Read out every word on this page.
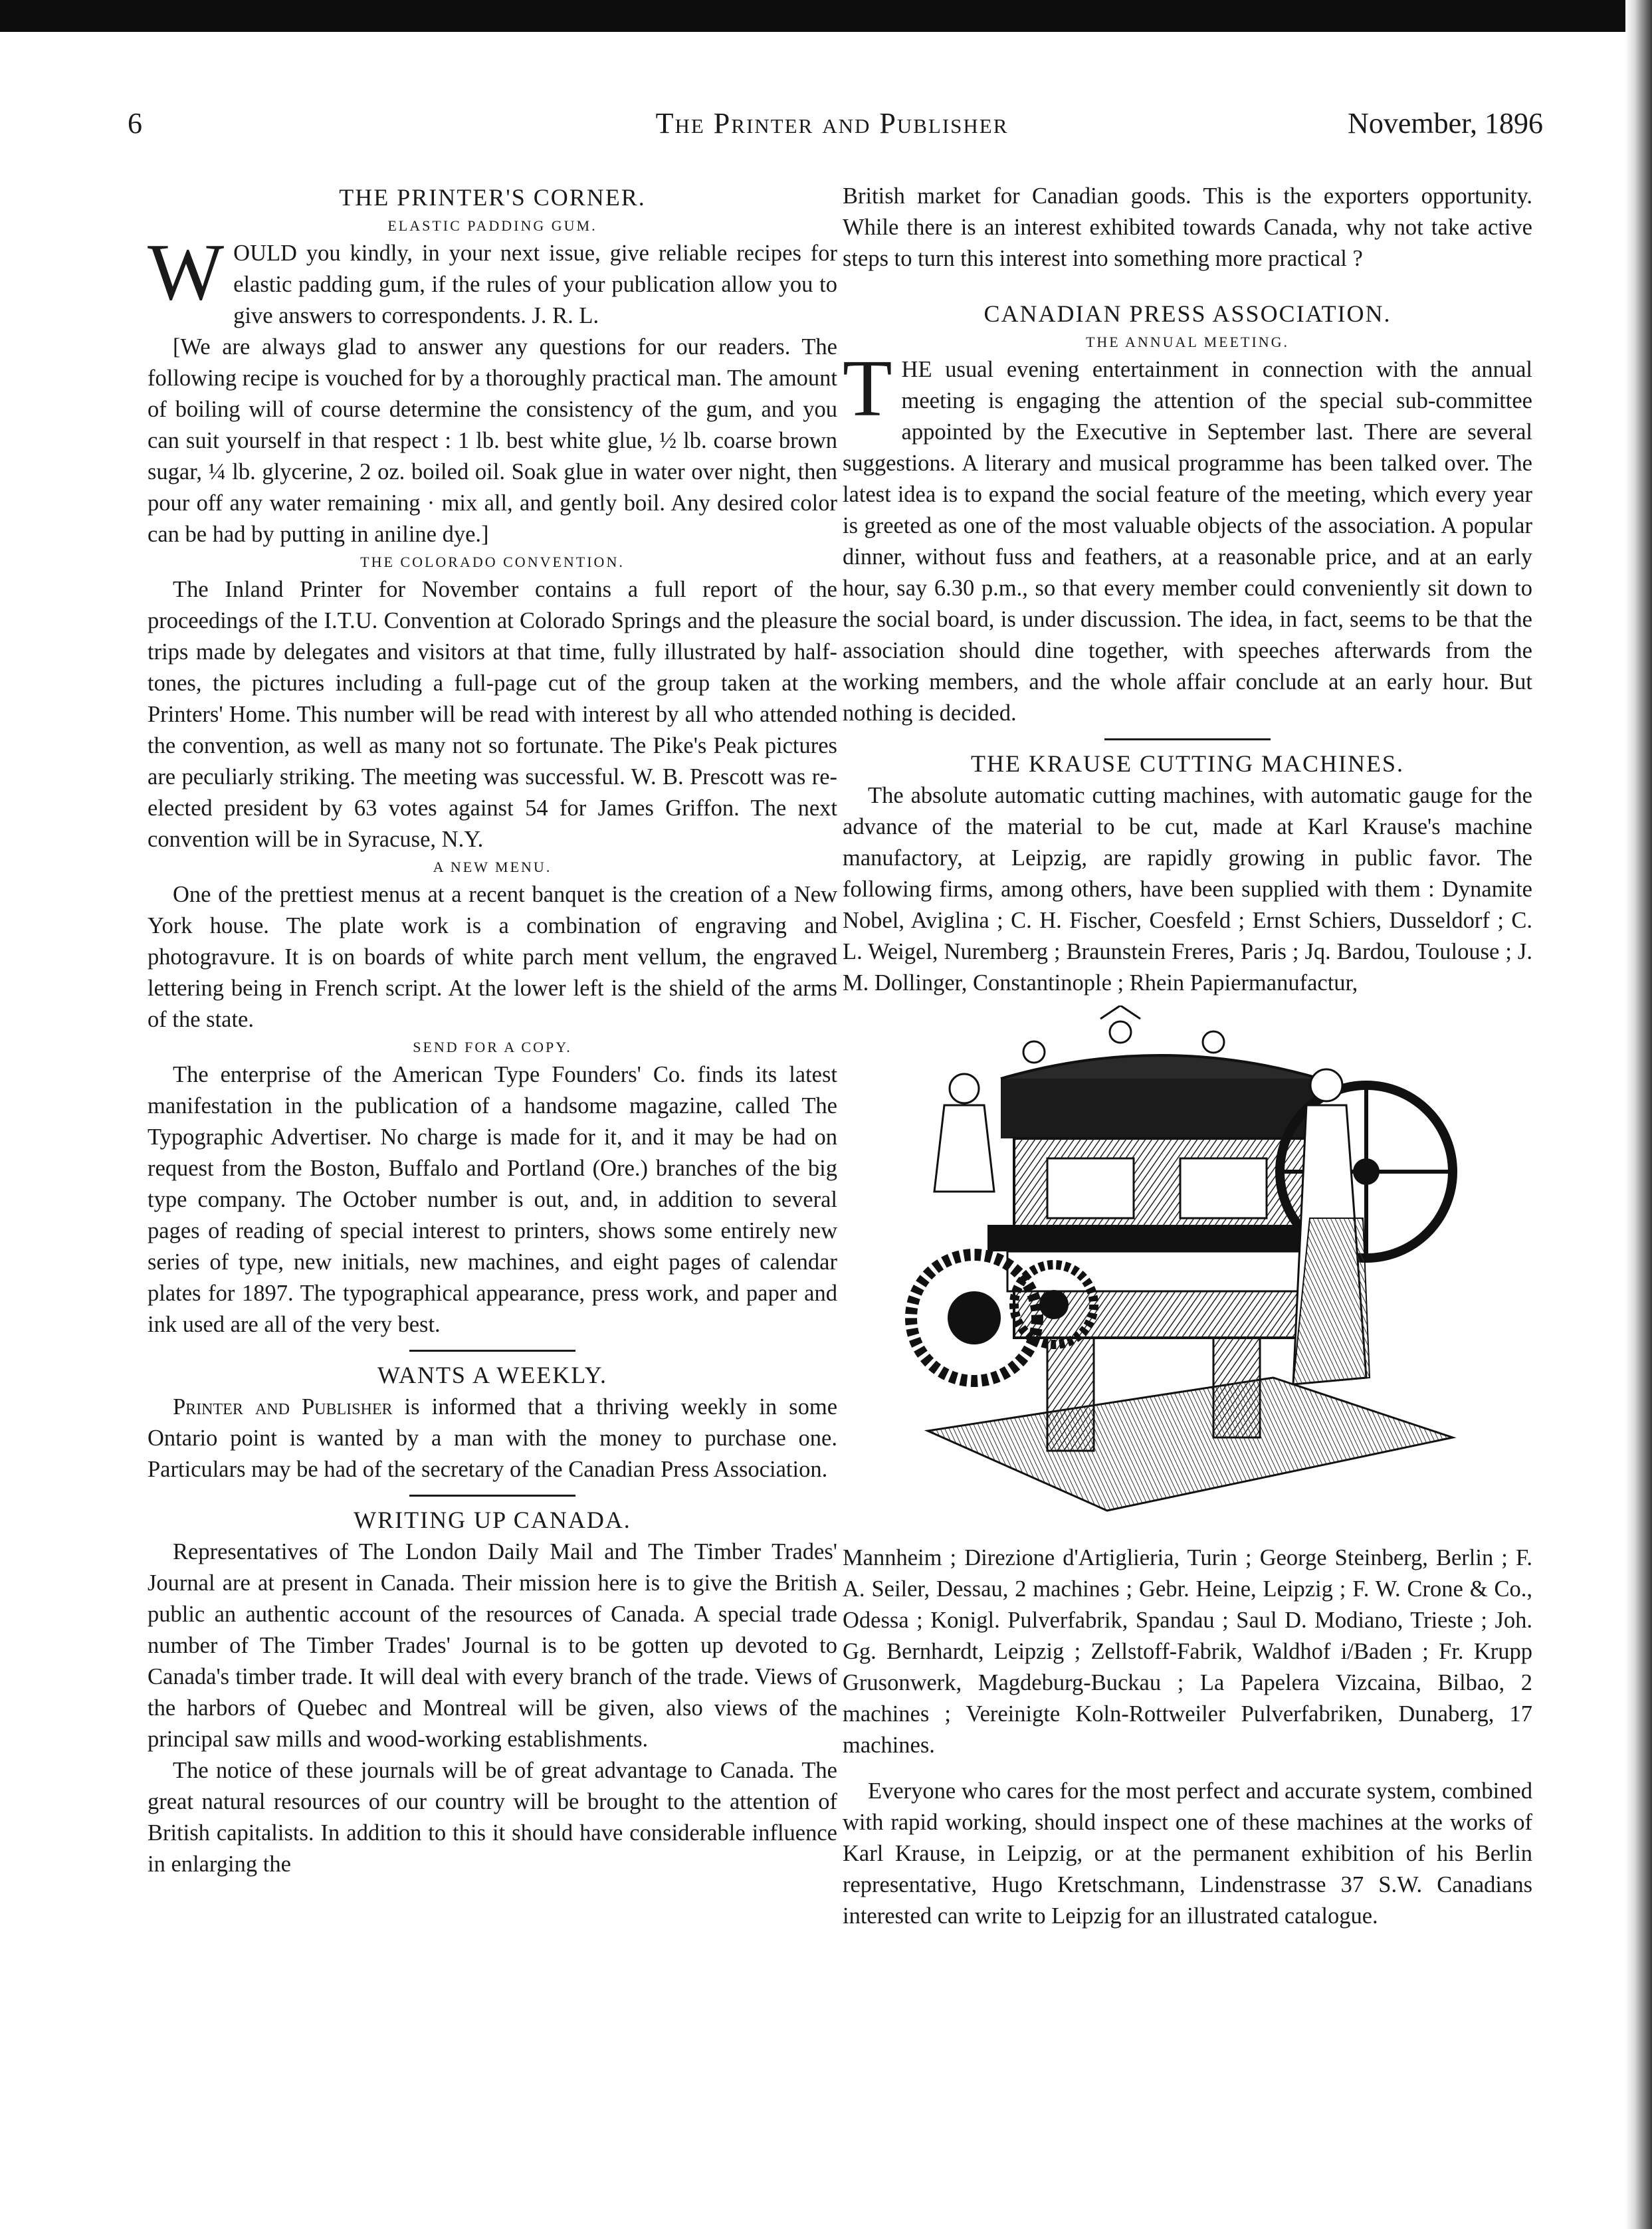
6	The Printer and Publisher	November, 1896
THE PRINTER'S CORNER.
ELASTIC PADDING GUM.

WOULD you kindly, in your next issue, give reliable recipes for elastic padding gum, if the rules of your publication allow you to give answers to correspondents. J. R. L.

[We are always glad to answer any questions for our readers. The following recipe is vouched for by a thoroughly practical man. The amount of boiling will of course determine the consistency of the gum, and you can suit yourself in that respect : 1 lb. best white glue, ½ lb. coarse brown sugar, ¼ lb. glycerine, 2 oz. boiled oil. Soak glue in water over night, then pour off any water remaining · mix all, and gently boil. Any desired color can be had by putting in aniline dye.]

THE COLORADO CONVENTION.

The Inland Printer for November contains a full report of the proceedings of the I.T.U. Convention at Colorado Springs and the pleasure trips made by delegates and visitors at that time, fully illustrated by half-tones, the pictures including a full-page cut of the group taken at the Printers' Home. This number will be read with interest by all who attended the convention, as well as many not so fortunate. The Pike's Peak pictures are peculiarly striking. The meeting was successful. W. B. Prescott was re-elected president by 63 votes against 54 for James Griffon. The next convention will be in Syracuse, N.Y.

A NEW MENU.

One of the prettiest menus at a recent banquet is the creation of a New York house. The plate work is a combination of engraving and photogravure. It is on boards of white parch ment vellum, the engraved lettering being in French script. At the lower left is the shield of the arms of the state.

SEND FOR A COPY.

The enterprise of the American Type Founders' Co. finds its latest manifestation in the publication of a handsome magazine, called The Typographic Advertiser. No charge is made for it, and it may be had on request from the Boston, Buffalo and Portland (Ore.) branches of the big type company. The October number is out, and, in addition to several pages of reading of special interest to printers, shows some entirely new series of type, new initials, new machines, and eight pages of calendar plates for 1897. The typographical appearance, press work, and paper and ink used are all of the very best.

WANTS A WEEKLY.

Printer and Publisher is informed that a thriving weekly in some Ontario point is wanted by a man with the money to purchase one. Particulars may be had of the secretary of the Canadian Press Association.

WRITING UP CANADA.

Representatives of The London Daily Mail and The Timber Trades' Journal are at present in Canada. Their mission here is to give the British public an authentic account of the resources of Canada. A special trade number of The Timber Trades' Journal is to be gotten up devoted to Canada's timber trade. It will deal with every branch of the trade. Views of the harbors of Quebec and Montreal will be given, also views of the principal saw mills and wood-working establishments.

The notice of these journals will be of great advantage to Canada. The great natural resources of our country will be brought to the attention of British capitalists. In addition to this it should have considerable influence in enlarging the

British market for Canadian goods. This is the exporters opportunity. While there is an interest exhibited towards Canada, why not take active steps to turn this interest into something more practical ?

CANADIAN PRESS ASSOCIATION.
THE ANNUAL MEETING.

THE usual evening entertainment in connection with the annual meeting is engaging the attention of the special sub-committee appointed by the Executive in September last. There are several suggestions. A literary and musical programme has been talked over. The latest idea is to expand the social feature of the meeting, which every year is greeted as one of the most valuable objects of the association. A popular dinner, without fuss and feathers, at a reasonable price, and at an early hour, say 6.30 p.m., so that every member could conveniently sit down to the social board, is under discussion. The idea, in fact, seems to be that the association should dine together, with speeches afterwards from the working members, and the whole affair conclude at an early hour. But nothing is decided.

THE KRAUSE CUTTING MACHINES.

The absolute automatic cutting machines, with automatic gauge for the advance of the material to be cut, made at Karl Krause's machine manufactory, at Leipzig, are rapidly growing in public favor. The following firms, among others, have been supplied with them : Dynamite Nobel, Aviglina ; C. H. Fischer, Coesfeld ; Ernst Schiers, Dusseldorf ; C. L. Weigel, Nuremberg ; Braunstein Freres, Paris ; Jq. Bardou, Toulouse ; J. M. Dollinger, Constantinople ; Rhein Papiermanufactur,

Mannheim ; Direzione d'Artiglieria, Turin ; George Steinberg, Berlin ; F. A. Seiler, Dessau, 2 machines ; Gebr. Heine, Leipzig ; F. W. Crone & Co., Odessa ; Konigl. Pulverfabrik, Spandau ; Saul D. Modiano, Trieste ; Joh. Gg. Bernhardt, Leipzig ; Zellstoff-Fabrik, Waldhof i/Baden ; Fr. Krupp Grusonwerk, Magdeburg-Buckau ; La Papelera Vizcaina, Bilbao, 2 machines ; Vereinigte Koln-Rottweiler Pulverfabriken, Dunaberg, 17 machines.

Everyone who cares for the most perfect and accurate system, combined with rapid working, should inspect one of these machines at the works of Karl Krause, in Leipzig, or at the permanent exhibition of his Berlin representative, Hugo Kretschmann, Lindenstrasse 37 S.W. Canadians interested can write to Leipzig for an illustrated catalogue.
